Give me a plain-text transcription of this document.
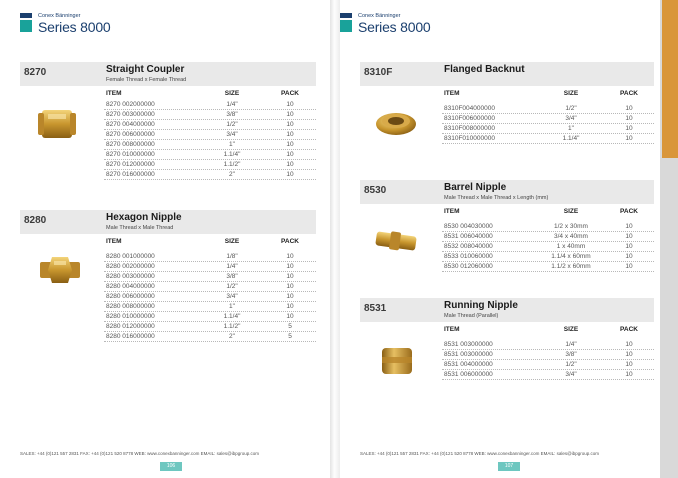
Conex Bänninger
Series 8000
8270	Straight Coupler
Female Thread x Female Thread
ITEM	SIZE	PACK
8270 002000000	1/4"	10
8270 003000000	3/8"	10
8270 004000000	1/2"	10
8270 006000000	3/4"	10
8270 008000000	1"	10
8270 010000000	1.1/4"	10
8270 012000000	1.1/2"	10
8270 016000000	2"	10
8280	Hexagon Nipple
Male Thread x Male Thread
ITEM	SIZE	PACK
8280 001000000	1/8"	10
8280 002000000	1/4"	10
8280 003000000	3/8"	10
8280 004000000	1/2"	10
8280 006000000	3/4"	10
8280 008000000	1"	10
8280 010000000	1.1/4"	10
8280 012000000	1.1/2"	5
8280 016000000	2"	5
SALES: +44 (0)121 557 2831 FAX: +44 (0)121 520 8778 WEB: www.conexbanninger.com EMAIL: sales@ibpgroup.com
106
Conex Bänninger
Series 8000
8310F	Flanged Backnut
ITEM	SIZE	PACK
8310F004000000	1/2"	10
8310F006000000	3/4"	10
8310F008000000	1"	10
8310F010000000	1.1/4"	10
8530	Barrel Nipple
Male Thread x Male Thread x Length (mm)
ITEM	SIZE	PACK
8530 004030000	1/2 x 30mm	10
8531 006040000	3/4 x 40mm	10
8532 008040000	1 x 40mm	10
8533 010060000	1.1/4 x 60mm	10
8530 012060000	1.1/2 x 60mm	10
8531	Running Nipple
Male Thread (Parallel)
ITEM	SIZE	PACK
8531 003000000	1/4"	10
8531 003000000	3/8"	10
8531 004000000	1/2"	10
8531 006000000	3/4"	10
SALES: +44 (0)121 557 2831 FAX: +44 (0)121 520 8778 WEB: www.conexbanninger.com EMAIL: sales@ibpgroup.com
107
